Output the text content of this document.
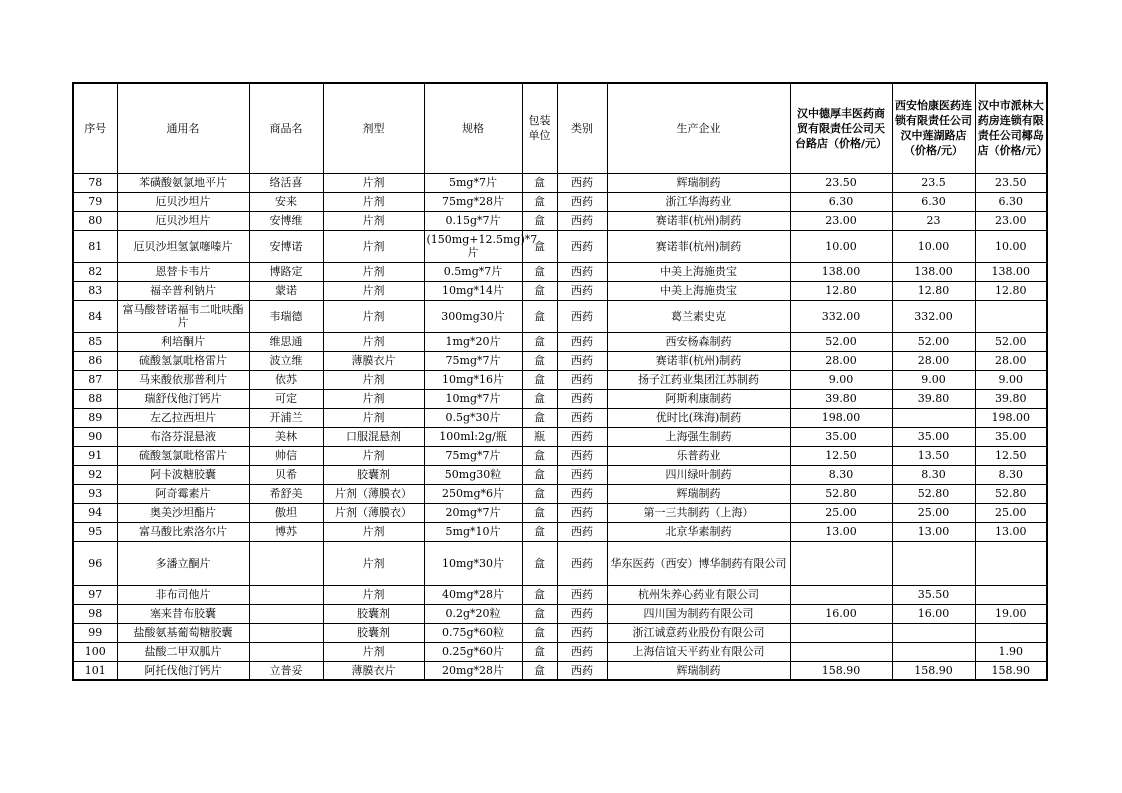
序号	通用名	商品名	剂型	规格	包装单位	类别	生产企业	汉中德厚丰医药商贸有限责任公司天台路店（价格/元）	西安怡康医药连锁有限责任公司汉中莲湖路店（价格/元）	汉中市派林大药房连锁有限责任公司椰岛店（价格/元）
78	苯磺酸氨氯地平片	络活喜	片剂	5mg*7片	盒	西药	辉瑞制药	23.50	23.5	23.50
79	厄贝沙坦片	安来	片剂	75mg*28片	盒	西药	浙江华海药业	6.30	6.30	6.30
80	厄贝沙坦片	安博维	片剂	0.15g*7片	盒	西药	赛诺菲(杭州)制药	23.00	23	23.00
81	厄贝沙坦氢氯噻嗪片	安博诺	片剂	(150mg+12.5mg)*7片	盒	西药	赛诺菲(杭州)制药	10.00	10.00	10.00
82	恩替卡韦片	博路定	片剂	0.5mg*7片	盒	西药	中美上海施贵宝	138.00	138.00	138.00
83	福辛普利钠片	蒙诺	片剂	10mg*14片	盒	西药	中美上海施贵宝	12.80	12.80	12.80
84	富马酸替诺福韦二吡呋酯片	韦瑞德	片剂	300mg30片	盒	西药	葛兰素史克	332.00	332.00	
85	利培酮片	维思通	片剂	1mg*20片	盒	西药	西安杨森制药	52.00	52.00	52.00
86	硫酸氢氯吡格雷片	波立维	薄膜衣片	75mg*7片	盒	西药	赛诺菲(杭州)制药	28.00	28.00	28.00
87	马来酸依那普利片	依苏	片剂	10mg*16片	盒	西药	扬子江药业集团江苏制药	9.00	9.00	9.00
88	瑞舒伐他汀钙片	可定	片剂	10mg*7片	盒	西药	阿斯利康制药	39.80	39.80	39.80
89	左乙拉西坦片	开浦兰	片剂	0.5g*30片	盒	西药	优时比(珠海)制药	198.00		198.00
90	布洛芬混悬液	美林	口服混悬剂	100ml:2g/瓶	瓶	西药	上海强生制药	35.00	35.00	35.00
91	硫酸氢氯吡格雷片	帅信	片剂	75mg*7片	盒	西药	乐普药业	12.50	13.50	12.50
92	阿卡波糖胶囊	贝希	胶囊剂	50mg30粒	盒	西药	四川绿叶制药	8.30	8.30	8.30
93	阿奇霉素片	希舒美	片剂（薄膜衣）	250mg*6片	盒	西药	辉瑞制药	52.80	52.80	52.80
94	奥美沙坦酯片	傲坦	片剂（薄膜衣）	20mg*7片	盒	西药	第一三共制药（上海）	25.00	25.00	25.00
95	富马酸比索洛尔片	博苏	片剂	5mg*10片	盒	西药	北京华素制药	13.00	13.00	13.00
96	多潘立酮片		片剂	10mg*30片	盒	西药	华东医药（西安）博华制药有限公司			
97	非布司他片		片剂	40mg*28片	盒	西药	杭州朱养心药业有限公司		35.50	
98	塞来昔布胶囊		胶囊剂	0.2g*20粒	盒	西药	四川国为制药有限公司	16.00	16.00	19.00
99	盐酸氨基葡萄糖胶囊		胶囊剂	0.75g*60粒	盒	西药	浙江诚意药业股份有限公司			
100	盐酸二甲双胍片		片剂	0.25g*60片	盒	西药	上海信谊天平药业有限公司			1.90
101	阿托伐他汀钙片	立普妥	薄膜衣片	20mg*28片	盒	西药	辉瑞制药	158.90	158.90	158.90
